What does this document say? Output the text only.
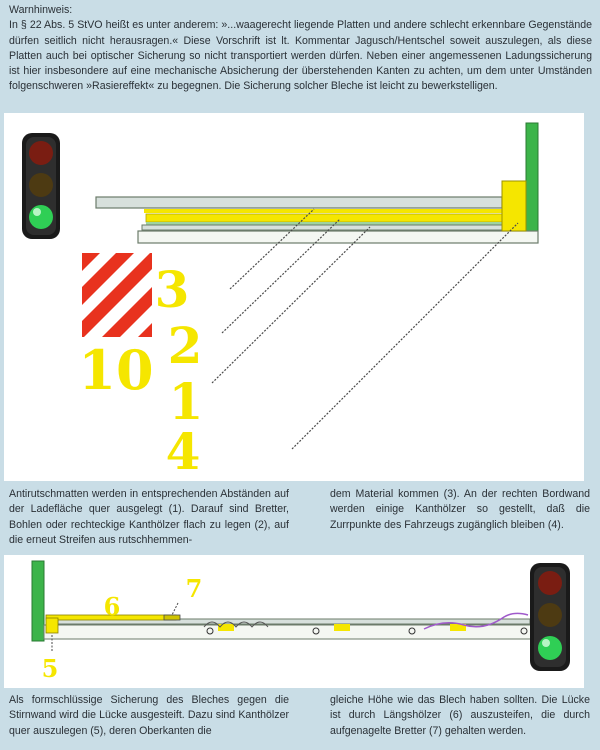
Warnhinweis:

In § 22 Abs. 5 StVO heißt es unter anderem: »...waagerecht liegende Platten und andere schlecht erkennbare Gegenstände dürfen seitlich nicht herausragen.« Diese Vorschrift ist lt. Kommentar Jagusch/Hentschel soweit auszulegen, als diese Platten auch bei optischer Sicherung so nicht transportiert werden dürfen. Neben einer angemessenen Ladungssicherung ist hier insbesondere auf eine mechanische Absicherung der überstehenden Kanten zu achten, um dem unter Umständen folgenschweren »Rasiereffekt« zu begegnen. Die Sicherung solcher Bleche ist leicht zu bewerkstelligen.

3
2
1
4
10

Antirutschmatten werden in entsprechenden Abständen auf der Ladefläche quer ausgelegt (1). Darauf sind Bretter, Bohlen oder rechteckige Kanthölzer flach zu legen (2), auf die erneut Streifen aus rutschhemmen-

dem Material kommen (3). An der rechten Bordwand werden einige Kanthölzer so gestellt, daß die Zurrpunkte des Fahrzeugs zugänglich bleiben (4).

6
7
5

Als formschlüssige Sicherung des Bleches gegen die Stirnwand wird die Lücke ausgesteift. Dazu sind Kanthölzer quer auszulegen (5), deren Oberkanten die

gleiche Höhe wie das Blech haben sollten. Die Lücke ist durch Längshölzer (6) auszusteifen, die durch aufgenagelte Bretter (7) gehalten werden.
